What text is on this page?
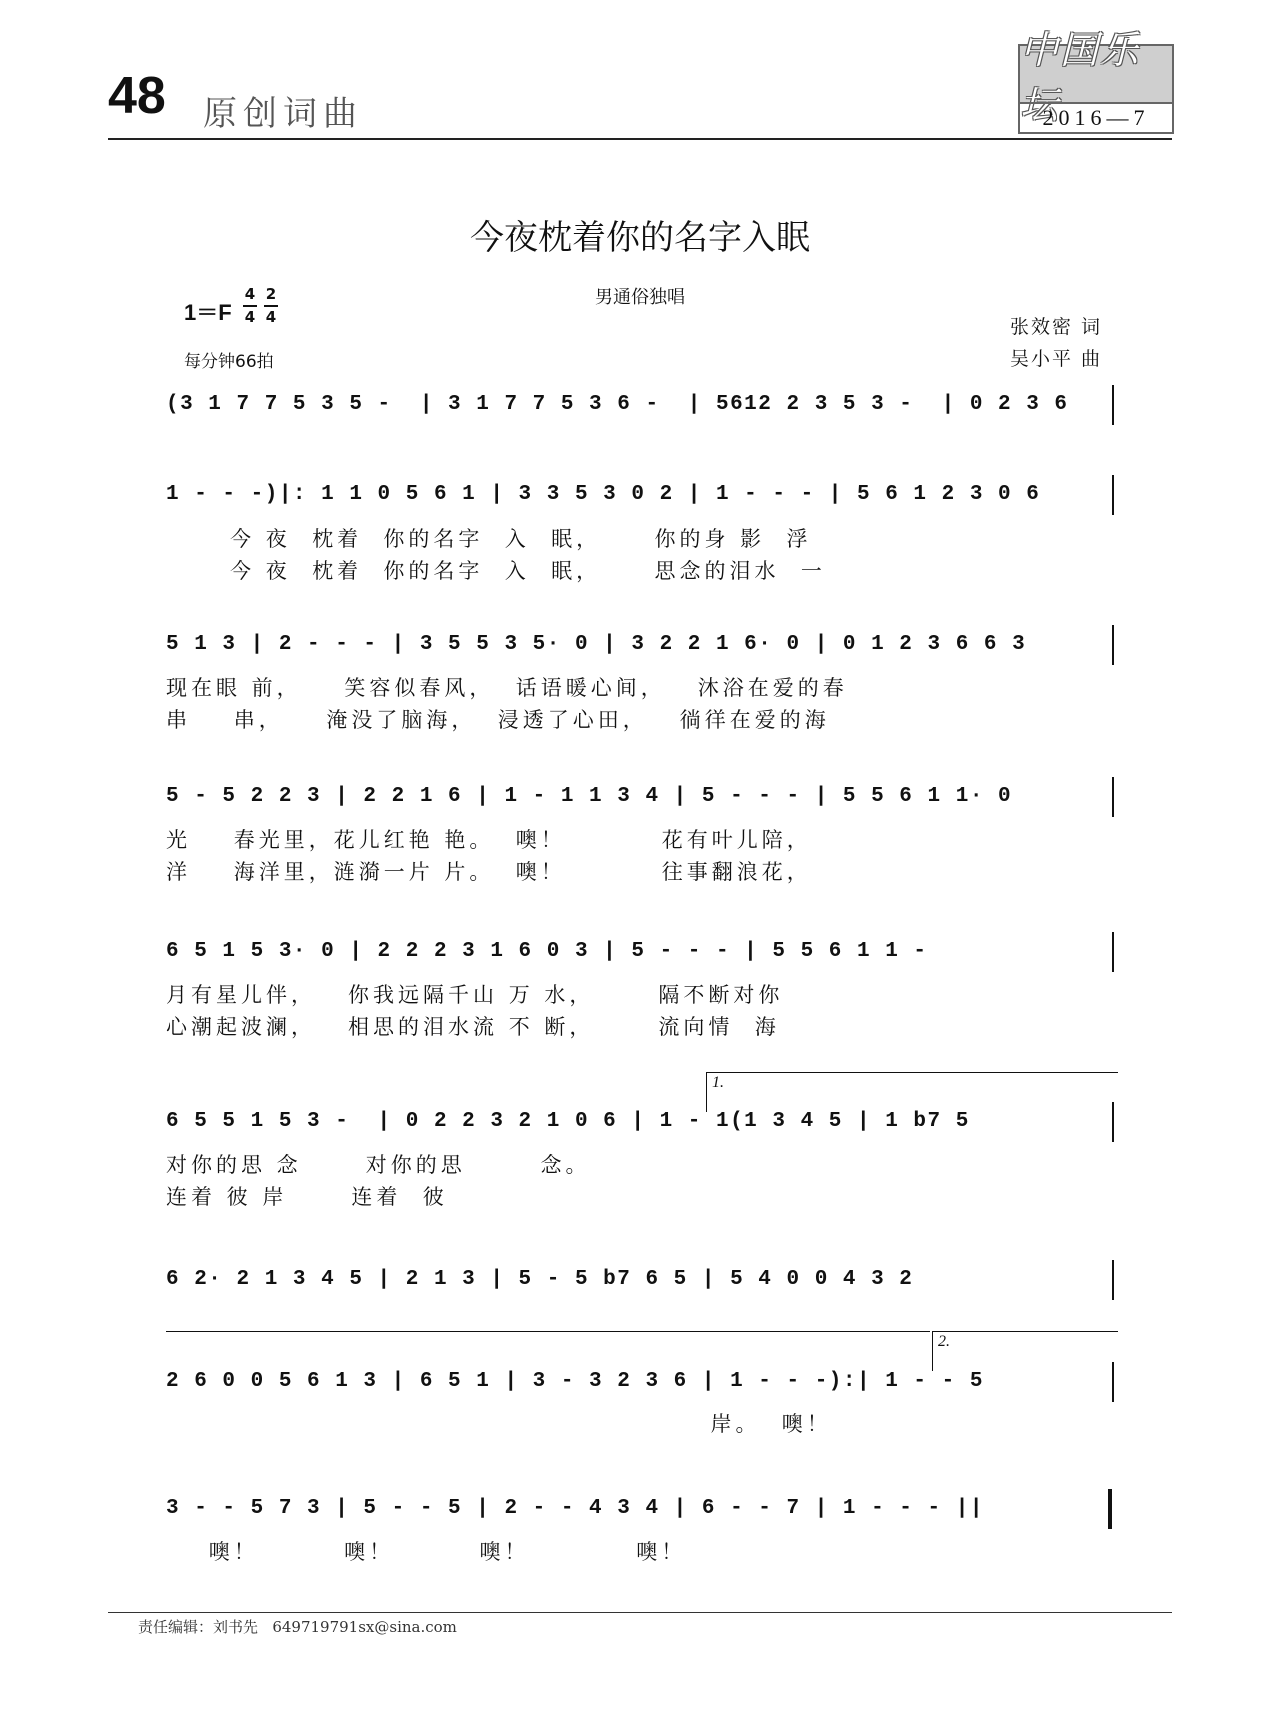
48 原创词曲
中国乐坛
2016—7
今夜枕着你的名字入眠
男通俗独唱
1＝F
4
4
2
4
每分钟66拍
张效密 词
吴小平 曲
(3 1 7 7 5 3 5 -  | 3 1 7 7 5 3 6 -  | 5612 2 3 5 3 -  | 0 2 3 6
1 - - -)|: 1 1 0 5 6 1 | 3 3 5 3 0 2 | 1 - - - | 5 6 1 2 3 0 6
今 夜  枕着  你的名字  入  眠，     你的身 影  浮
今 夜  枕着  你的名字  入  眠，     思念的泪水  一
5 1 3 | 2 - - - | 3 5 5 3 5· 0 | 3 2 2 1 6· 0 | 0 1 2 3 6 6 3
现在眼 前，    笑容似春风，  话语暖心间，   沐浴在爱的春
串    串，    淹没了脑海，  浸透了心田，   徜徉在爱的海
5 - 5 2 2 3 | 2 2 1 6 | 1 - 1 1 3 4 | 5 - - - | 5 5 6 1 1· 0
光    春光里，花儿红艳 艳。  噢！         花有叶儿陪，
洋    海洋里，涟漪一片 片。  噢！         往事翻浪花，
6 5 1 5 3· 0 | 2 2 2 3 1 6 0 3 | 5 - - - | 5 5 6 1 1 -
月有星儿伴，   你我远隔千山 万 水，      隔不断对你
心潮起波澜，   相思的泪水流 不 断，      流向情  海
1.
6 5 5 1 5 3 -  | 0 2 2 3 2 1 0 6 | 1 - 1(1 3 4 5 | 1 b7 5
对你的思 念      对你的思       念。
连着 彼 岸      连着  彼
6 2· 2 1 3 4 5 | 2 1 3 | 5 - 5 b7 6 5 | 5 4 0 0 4 3 2
2.
2 6 0 0 5 6 1 3 | 6 5 1 | 3 - 3 2 3 6 | 1 - - -):| 1 - - 5
岸。  噢！
3 - - 5 7 3 | 5 - - 5 | 2 - - 4 3 4 | 6 - - 7 | 1 - - - ||
噢！        噢！        噢！          噢！
责任编辑：刘书先 649719791sx@sina.com
